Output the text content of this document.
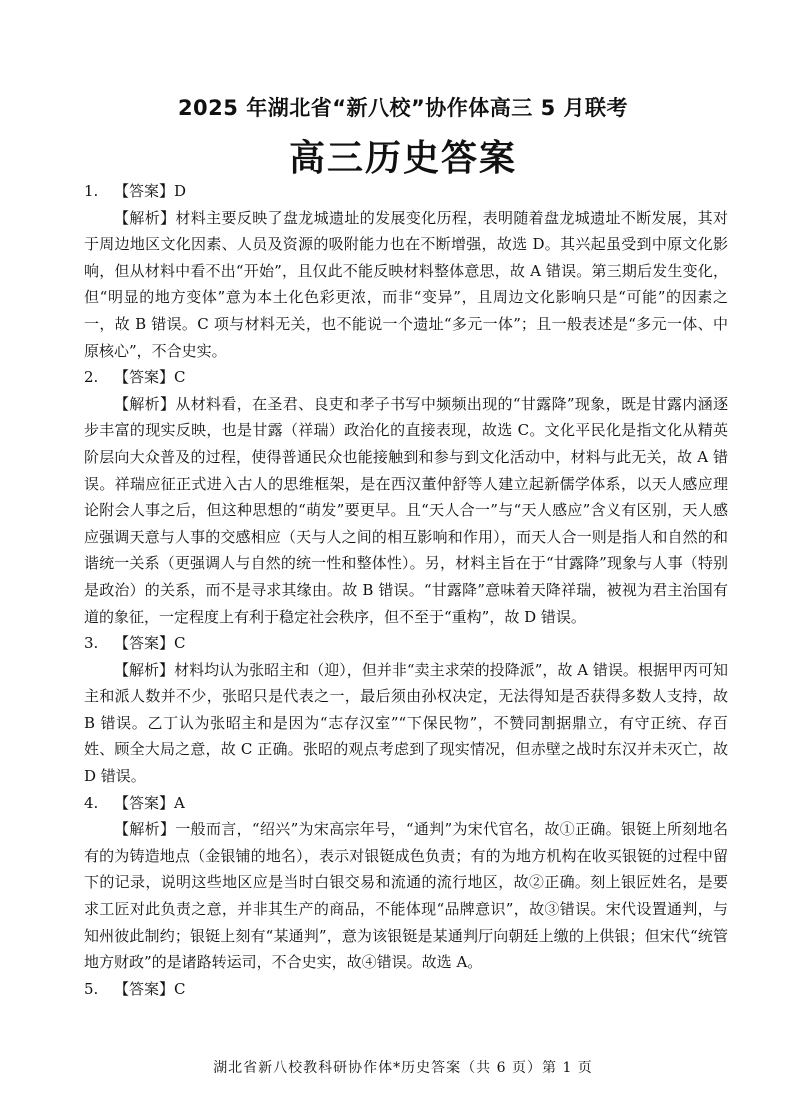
2025 年湖北省“新八校”协作体高三 5 月联考
高三历史答案

1. 【答案】D

【解析】材料主要反映了盘龙城遗址的发展变化历程，表明随着盘龙城遗址不断发展，其对于周边地区文化因素、人员及资源的吸附能力也在不断增强，故选 D。其兴起虽受到中原文化影响，但从材料中看不出“开始”，且仅此不能反映材料整体意思，故 A 错误。第三期后发生变化，但“明显的地方变体”意为本土化色彩更浓，而非“变异”，且周边文化影响只是“可能”的因素之一，故 B 错误。C 项与材料无关，也不能说一个遗址“多元一体”；且一般表述是“多元一体、中原核心”，不合史实。

2. 【答案】C

【解析】从材料看，在圣君、良吏和孝子书写中频频出现的“甘露降”现象，既是甘露内涵逐步丰富的现实反映，也是甘露（祥瑞）政治化的直接表现，故选 C。文化平民化是指文化从精英阶层向大众普及的过程，使得普通民众也能接触到和参与到文化活动中，材料与此无关，故 A 错误。祥瑞应征正式进入古人的思维框架，是在西汉董仲舒等人建立起新儒学体系，以天人感应理论附会人事之后，但这种思想的“萌发”要更早。且“天人合一”与“天人感应”含义有区别，天人感应强调天意与人事的交感相应（天与人之间的相互影响和作用），而天人合一则是指人和自然的和谐统一关系（更强调人与自然的统一性和整体性）。另，材料主旨在于“甘露降”现象与人事（特别是政治）的关系，而不是寻求其缘由。故 B 错误。“甘露降”意味着天降祥瑞，被视为君主治国有道的象征，一定程度上有利于稳定社会秩序，但不至于“重构”，故 D 错误。

3. 【答案】C

【解析】材料均认为张昭主和（迎），但并非“卖主求荣的投降派”，故 A 错误。根据甲丙可知主和派人数并不少，张昭只是代表之一，最后须由孙权决定，无法得知是否获得多数人支持，故 B 错误。乙丁认为张昭主和是因为“志存汉室”“下保民物”，不赞同割据鼎立，有守正统、存百姓、顾全大局之意，故 C 正确。张昭的观点考虑到了现实情况，但赤壁之战时东汉并未灭亡，故 D 错误。

4. 【答案】A

【解析】一般而言，“绍兴”为宋高宗年号，“通判”为宋代官名，故①正确。银铤上所刻地名有的为铸造地点（金银铺的地名），表示对银铤成色负责；有的为地方机构在收买银铤的过程中留下的记录，说明这些地区应是当时白银交易和流通的流行地区，故②正确。刻上银匠姓名，是要求工匠对此负责之意，并非其生产的商品，不能体现“品牌意识”，故③错误。宋代设置通判，与知州彼此制约；银铤上刻有“某通判”，意为该银铤是某通判厅向朝廷上缴的上供银；但宋代“统管地方财政”的是诸路转运司，不合史实，故④错误。故选 A。

5. 【答案】C

湖北省新八校教科研协作体*历史答案（共 6 页）第 1 页
